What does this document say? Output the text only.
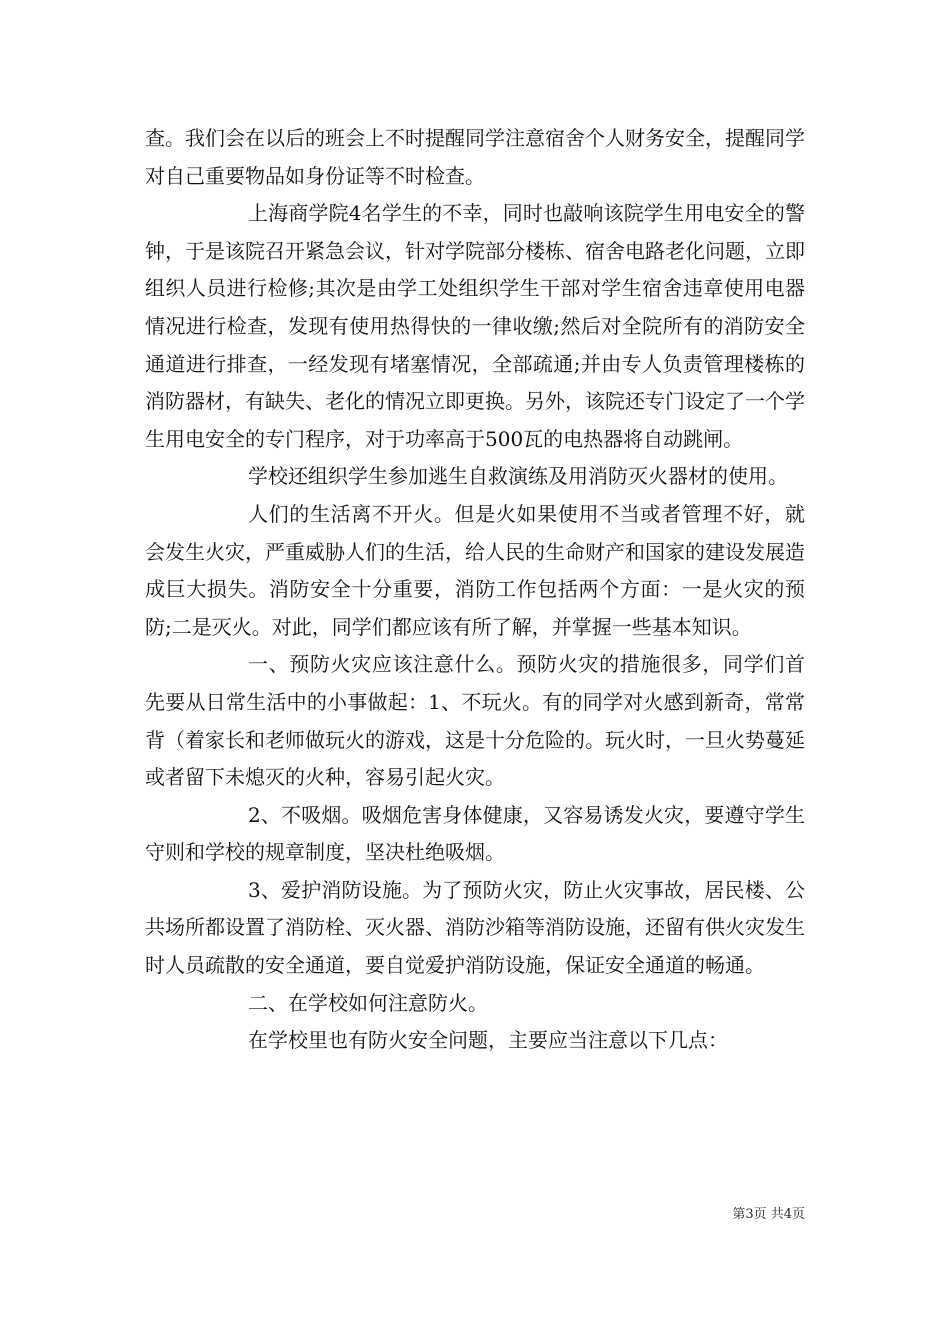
查。我们会在以后的班会上不时提醒同学注意宿舍个人财务安全，提醒同学对自己重要物品如身份证等不时检查。

上海商学院4名学生的不幸，同时也敲响该院学生用电安全的警钟，于是该院召开紧急会议，针对学院部分楼栋、宿舍电路老化问题，立即组织人员进行检修;其次是由学工处组织学生干部对学生宿舍违章使用电器情况进行检查，发现有使用热得快的一律收缴;然后对全院所有的消防安全通道进行排查，一经发现有堵塞情况，全部疏通;并由专人负责管理楼栋的消防器材，有缺失、老化的情况立即更换。另外，该院还专门设定了一个学生用电安全的专门程序，对于功率高于500瓦的电热器将自动跳闸。

学校还组织学生参加逃生自救演练及用消防灭火器材的使用。

人们的生活离不开火。但是火如果使用不当或者管理不好，就会发生火灾，严重威胁人们的生活，给人民的生命财产和国家的建设发展造成巨大损失。消防安全十分重要，消防工作包括两个方面：一是火灾的预防;二是灭火。对此，同学们都应该有所了解，并掌握一些基本知识。

一、预防火灾应该注意什么。预防火灾的措施很多，同学们首先要从日常生活中的小事做起：1、不玩火。有的同学对火感到新奇，常常背（着家长和老师做玩火的游戏，这是十分危险的。玩火时，一旦火势蔓延或者留下未熄灭的火种，容易引起火灾。

2、不吸烟。吸烟危害身体健康，又容易诱发火灾，要遵守学生守则和学校的规章制度，坚决杜绝吸烟。

3、爱护消防设施。为了预防火灾，防止火灾事故，居民楼、公共场所都设置了消防栓、灭火器、消防沙箱等消防设施，还留有供火灾发生时人员疏散的安全通道，要自觉爱护消防设施，保证安全通道的畅通。

二、在学校如何注意防火。

在学校里也有防火安全问题，主要应当注意以下几点：

第3页 共4页
